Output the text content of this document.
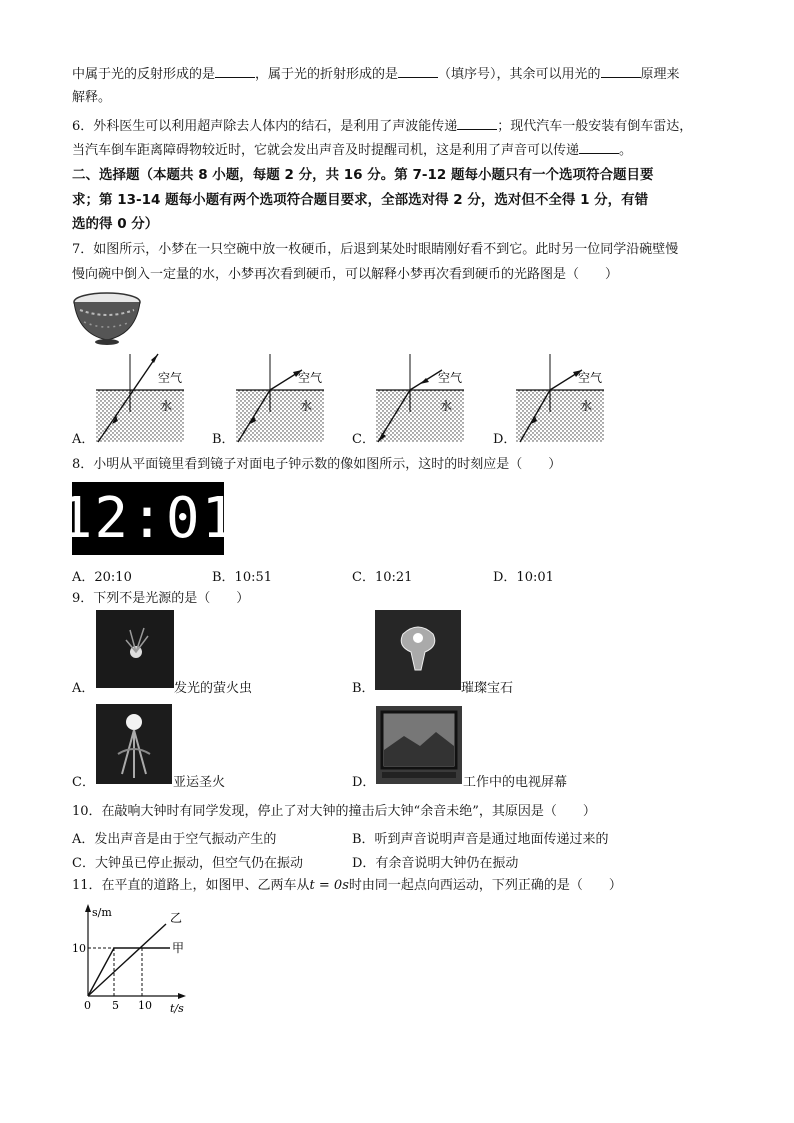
中属于光的反射形成的是	，属于光的折射形成的是	（填序号），其余可以用光的	原理来
解释。
6．外科医生可以利用超声除去人体内的结石，是利用了声波能传递	；现代汽车一般安装有倒车雷达，
当汽车倒车距离障碍物较近时，它就会发出声音及时提醒司机，这是利用了声音可以传递	。
二、选择题（本题共 8 小题，每题 2 分，共 16 分。第 7-12 题每小题只有一个选项符合题目要
求；第 13-14 题每小题有两个选项符合题目要求，全部选对得 2 分，选对但不全得 1 分，有错
选的得 0 分）
7．如图所示，小梦在一只空碗中放一枚硬币，后退到某处时眼睛刚好看不到它。此时另一位同学沿碗壁慢
慢向碗中倒入一定量的水，小梦再次看到硬币，可以解释小梦再次看到硬币的光路图是（　　）
A．
空气
水
B．
空气
水
C．
空气
水
D．
空气
水
8．小明从平面镜里看到镜子对面电子钟示数的像如图所示，这时的时刻应是（　　）
12:01
A．20:10	B．10:51	C．10:21	D．10:01
9．下列不是光源的是（　　）
A．	发光的萤火虫	B．	璀璨宝石
C．	亚运圣火	D．	工作中的电视屏幕
10．在敲响大钟时有同学发现，停止了对大钟的撞击后大钟“余音未绝”，其原因是（　　）
A．发出声音是由于空气振动产生的	B．听到声音说明声音是通过地面传递过来的
C．大钟虽已停止振动，但空气仍在振动	D．有余音说明大钟仍在振动
11．在平直的道路上，如图甲、乙两车从t = 0s时由同一起点向西运动，下列正确的是（　　）
s/m
t/s
10
0 5 10
乙
甲
